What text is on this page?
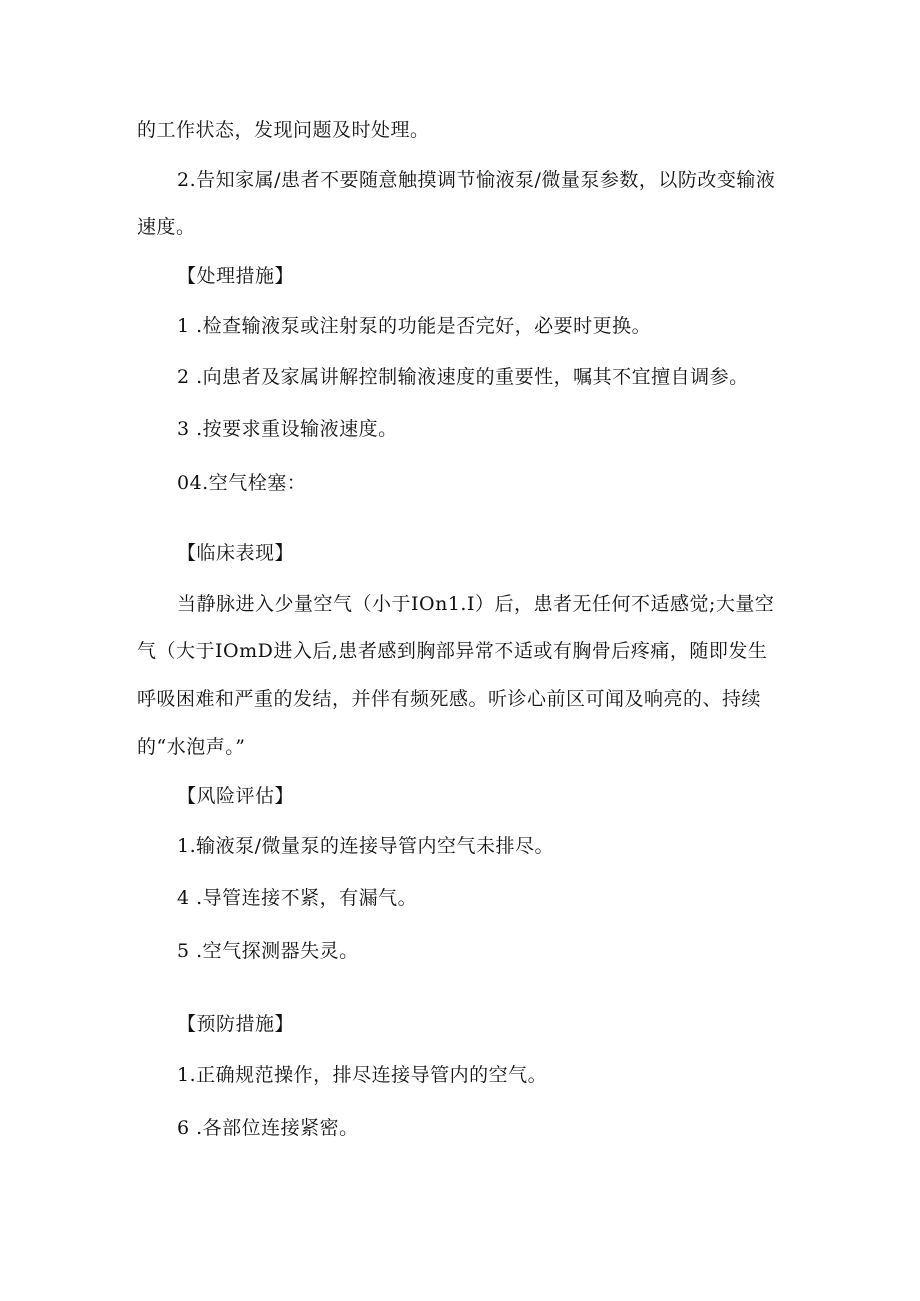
的工作状态，发现问题及时处理。
2.告知家属/患者不要随意触摸调节愉液泵/微量泵参数，以防改变输液
速度。
【处理措施】
1 .检查输液泵或注射泵的功能是否完好，必要时更换。
2 .向患者及家属讲解控制输液速度的重要性，嘱其不宜擅自调参。
3 .按要求重设输液速度。
04.空气栓塞：
【临床表现】
当静脉进入少量空气（小于IOn1.I）后，患者无任何不适感觉;大量空
气（大于IOmD进入后,患者感到胸部异常不适或有胸骨后疼痛，随即发生
呼吸困难和严重的发结，并伴有频死感。听诊心前区可闻及响亮的、持续
的“水泡声。”
【风险评估】
1.输液泵/微量泵的连接导管内空气未排尽。
4 .导管连接不紧，有漏气。
5 .空气探测器失灵。
【预防措施】
1.正确规范操作，排尽连接导管内的空气。
6 .各部位连接紧密。
